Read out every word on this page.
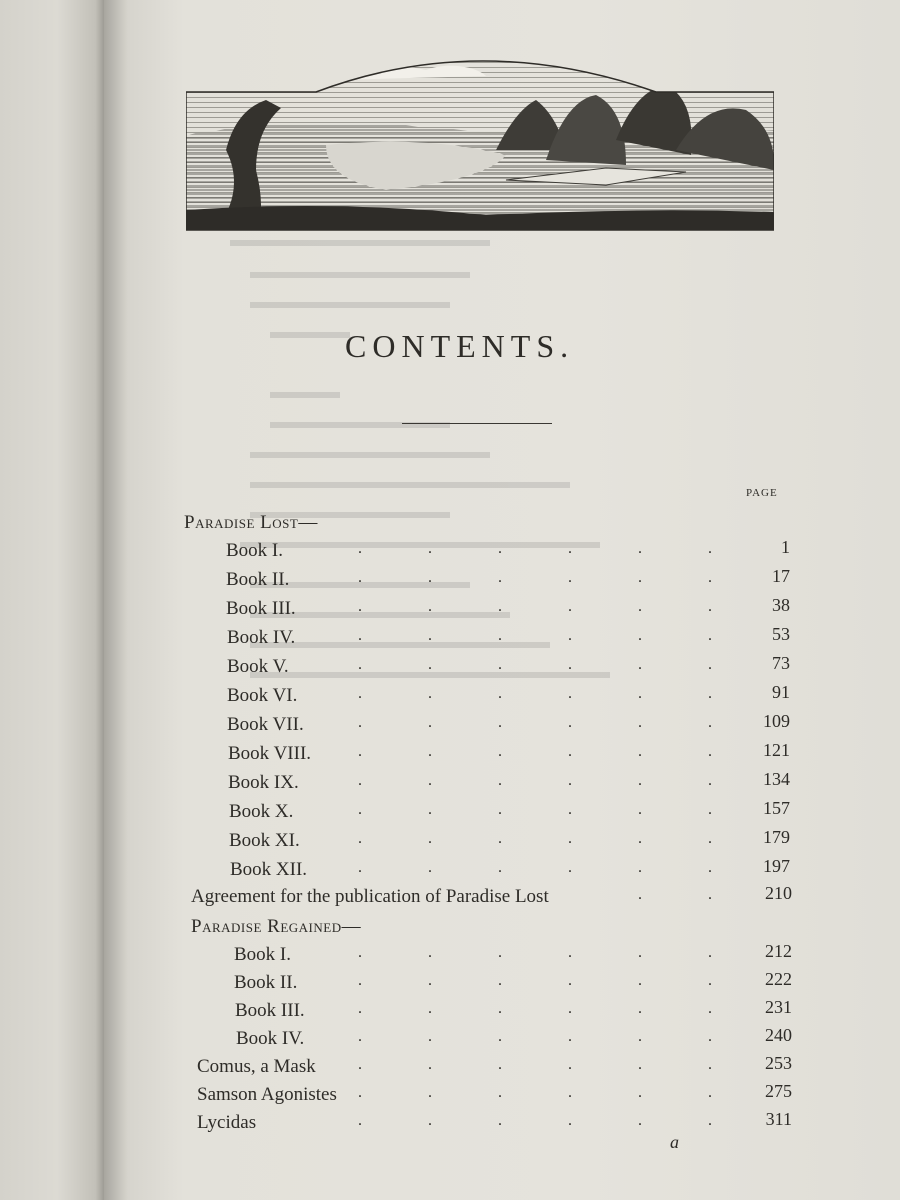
CONTENTS.
PAGE
Paradise Lost—
Book I.	.	.	.	.	.	.	1
Book II.	.	.	.	.	.	.	17
Book III.	.	.	.	.	.	.	38
Book IV.	.	.	.	.	.	.	53
Book V.	.	.	.	.	.	.	73
Book VI.	.	.	.	.	.	.	91
Book VII.	.	.	.	.	.	.	109
Book VIII.	.	.	.	.	.	.	121
Book IX.	.	.	.	.	.	.	134
Book X.	.	.	.	.	.	.	157
Book XI.	.	.	.	.	.	.	179
Book XII.	.	.	.	.	.	.	197
Agreement for the publication of Paradise Lost	.	.	210
Paradise Regained—
Book I.	.	.	.	.	.	.	212
Book II.	.	.	.	.	.	.	222
Book III.	.	.	.	.	.	.	231
Book IV.	.	.	.	.	.	.	240
Comus, a Mask	.	.	.	.	.	.	253
Samson Agonistes .	.	.	.	.	.	275
Lycidas	.	.	.	.	.	.	311
a
